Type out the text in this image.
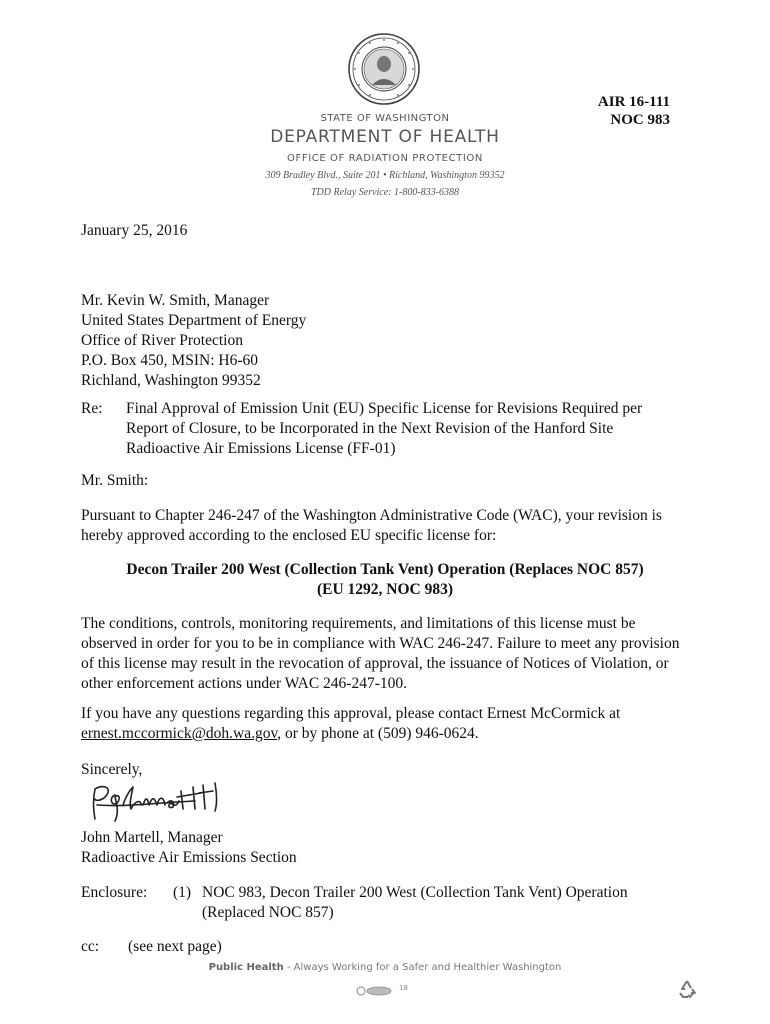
STATE OF WASHINGTON
DEPARTMENT OF HEALTH
OFFICE OF RADIATION PROTECTION
309 Bradley Blvd., Suite 201 • Richland, Washington 99352
TDD Relay Service: 1-800-833-6388
AIR 16-111
NOC 983
January 25, 2016
Mr. Kevin W. Smith, Manager
United States Department of Energy
Office of River Protection
P.O. Box 450, MSIN: H6-60
Richland, Washington 99352
Re: Final Approval of Emission Unit (EU) Specific License for Revisions Required per
Report of Closure, to be Incorporated in the Next Revision of the Hanford Site
Radioactive Air Emissions License (FF-01)
Mr. Smith:
Pursuant to Chapter 246-247 of the Washington Administrative Code (WAC), your revision is
hereby approved according to the enclosed EU specific license for:
Decon Trailer 200 West (Collection Tank Vent) Operation (Replaces NOC 857)
(EU 1292, NOC 983)
The conditions, controls, monitoring requirements, and limitations of this license must be
observed in order for you to be in compliance with WAC 246-247. Failure to meet any provision
of this license may result in the revocation of approval, the issuance of Notices of Violation, or
other enforcement actions under WAC 246-247-100.
If you have any questions regarding this approval, please contact Ernest McCormick at
ernest.mccormick@doh.wa.gov, or by phone at (509) 946-0624.
Sincerely,
John Martell, Manager
Radioactive Air Emissions Section
Enclosure: (1) NOC 983, Decon Trailer 200 West (Collection Tank Vent) Operation
(Replaced NOC 857)
cc: (see next page)
Public Health - Always Working for a Safer and Healthier Washington
18
